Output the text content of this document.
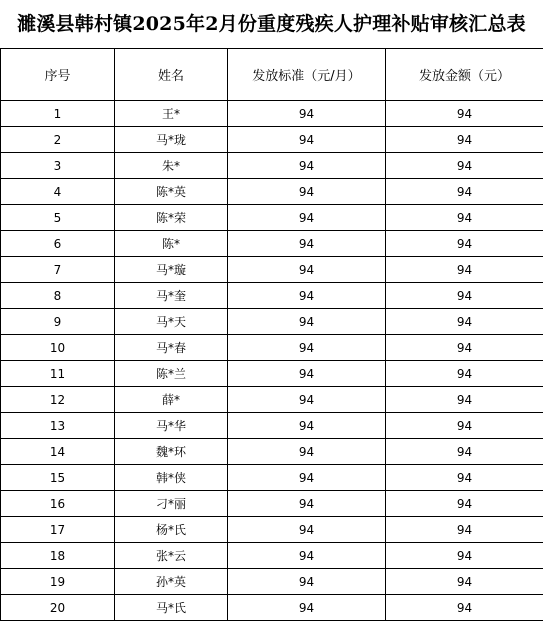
濉溪县韩村镇2025年2月份重度残疾人护理补贴审核汇总表
序号	姓名	发放标准（元/月）	发放金额（元）
1	王*	94	94
2	马*珑	94	94
3	朱*	94	94
4	陈*英	94	94
5	陈*荣	94	94
6	陈*	94	94
7	马*璇	94	94
8	马*奎	94	94
9	马*天	94	94
10	马*春	94	94
11	陈*兰	94	94
12	薛*	94	94
13	马*华	94	94
14	魏*环	94	94
15	韩*侠	94	94
16	刁*丽	94	94
17	杨*氏	94	94
18	张*云	94	94
19	孙*英	94	94
20	马*氏	94	94
